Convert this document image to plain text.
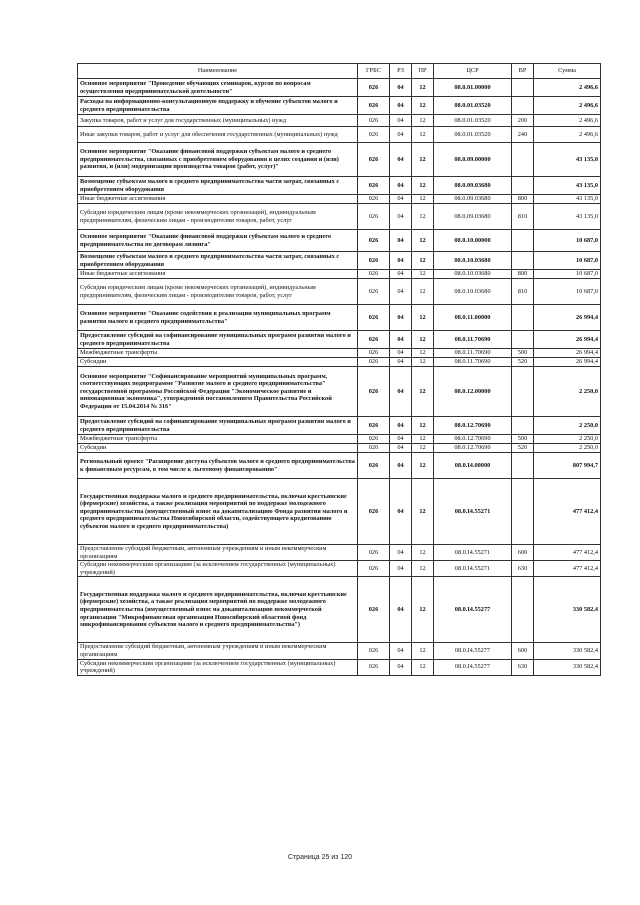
Наименование	ГРБС	РЗ	ПР	ЦСР	ВР	Сумма
Основное мероприятие "Проведение обучающих семинаров, курсов по вопросам осуществления предпринимательской деятельности"	026	04	12	08.0.01.00000		2 496,6
Расходы на информационно-консультационную поддержку и обучение субъектов малого и среднего предпринимательства	026	04	12	08.0.01.03520		2 496,6
Закупка товаров, работ и услуг для государственных (муниципальных) нужд	026	04	12	08.0.01.03520	200	2 496,6
Иные закупки товаров, работ и услуг для обеспечения государственных (муниципальных) нужд	026	04	12	08.0.01.03520	240	2 496,6
Основное мероприятие "Оказание финансовой поддержки субъектам малого и среднего предпринимательства, связанных с приобретением оборудования в целях создания и (или) развития, и (или) модернизации производства товаров (работ, услуг)"	026	04	12	08.0.09.00000		43 135,0
Возмещение субъектам малого и среднего предпринимательства части затрат, связанных с приобретением оборудования	026	04	12	08.0.09.03680		43 135,0
Иные бюджетные ассигнования	026	04	12	08.0.09.03680	800	43 135,0
Субсидии юридическим лицам (кроме некоммерческих организаций), индивидуальным предпринимателям, физическим лицам - производителям товаров, работ, услуг	026	04	12	08.0.09.03680	810	43 135,0
Основное мероприятие "Оказание финансовой поддержки субъектам малого и среднего предпринимательства по договорам лизинга"	026	04	12	08.0.10.00000		10 687,0
Возмещение субъектам малого и среднего предпринимательства части затрат, связанных с приобретением оборудования	026	04	12	08.0.10.03680		10 687,0
Иные бюджетные ассигнования	026	04	12	08.0.10.03680	800	10 687,0
Субсидии юридическим лицам (кроме некоммерческих организаций), индивидуальным предпринимателям, физическим лицам - производителям товаров, работ, услуг	026	04	12	08.0.10.03680	810	10 687,0
Основное мероприятие "Оказание содействия в реализации муниципальных программ развития малого и среднего предпринимательства"	026	04	12	08.0.11.00000		26 994,4
Предоставление субсидий на софинансирование муниципальных программ развития малого и среднего предпринимательства	026	04	12	08.0.11.70690		26 994,4
Межбюджетные трансферты	026	04	12	08.0.11.70690	500	26 994,4
Субсидии	026	04	12	08.0.11.70690	520	26 994,4
Основное мероприятие "Софинансирование мероприятий муниципальных программ, соответствующих подпрограмме "Развитие малого и среднего предпринимательства" государственной программы Российской Федерации "Экономическое развитие и инновационная экономика", утвержденной постановлением Правительства Российской Федерации от 15.04.2014 № 316"	026	04	12	08.0.12.00000		2 250,0
Предоставление субсидий на софинансирование муниципальных программ развития малого и среднего предпринимательства	026	04	12	08.0.12.70690		2 250,0
Межбюджетные трансферты	026	04	12	08.0.12.70690	500	2 250,0
Субсидии	026	04	12	08.0.12.70690	520	2 250,0
Региональный проект "Расширение доступа субъектов малого и среднего предпринимательства к финансовым ресурсам, в том числе к льготному финансированию"	026	04	12	08.0.I4.00000		807 994,7
Государственная поддержка малого и среднего предпринимательства, включая крестьянские (фермерские) хозяйства, а также реализация мероприятий по поддержке молодежного предпринимательства (имущественный взнос на докапитализацию Фонда развития малого и среднего предпринимательства Новосибирской области, содействующего кредитованию субъектов малого и среднего предпринимательства)	026	04	12	08.0.I4.55271		477 412,4
Предоставление субсидий бюджетным, автономным учреждениям и иным некоммерческим организациям	026	04	12	08.0.I4.55271	600	477 412,4
Субсидии некоммерческим организациям (за исключением государственных (муниципальных) учреждений)	026	04	12	08.0.I4.55271	630	477 412,4
Государственная поддержка малого и среднего предпринимательства, включая крестьянские (фермерские) хозяйства, а также реализация мероприятий по поддержке молодежного предпринимательства (имущественный взнос на докапитализацию некоммерческой организации "Микрофинансовая организация Новосибирский областной фонд микрофинансирования субъектов малого и среднего предпринимательства")	026	04	12	08.0.I4.55277		330 582,4
Предоставление субсидий бюджетным, автономным учреждениям и иным некоммерческим организациям	026	04	12	08.0.I4.55277	600	330 582,4
Субсидии некоммерческим организациям (за исключением государственных (муниципальных) учреждений)	026	04	12	08.0.I4.55277	630	330 582,4
Страница 25 из 120
